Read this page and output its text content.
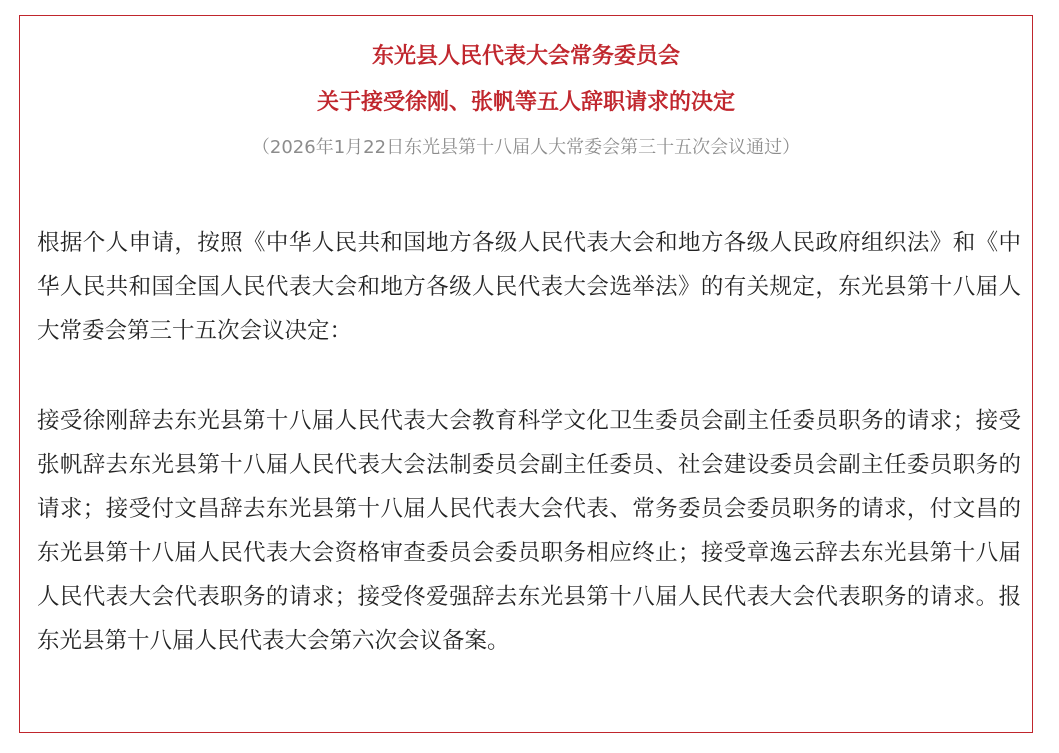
东光县人民代表大会常务委员会
关于接受徐刚、张帆等五人辞职请求的决定
（2026年1月22日东光县第十八届人大常委会第三十五次会议通过）

根据个人申请，按照《中华人民共和国地方各级人民代表大会和地方各级人民政府组织法》和《中华人民共和国全国人民代表大会和地方各级人民代表大会选举法》的有关规定，东光县第十八届人大常委会第三十五次会议决定：

接受徐刚辞去东光县第十八届人民代表大会教育科学文化卫生委员会副主任委员职务的请求；接受张帆辞去东光县第十八届人民代表大会法制委员会副主任委员、社会建设委员会副主任委员职务的请求；接受付文昌辞去东光县第十八届人民代表大会代表、常务委员会委员职务的请求，付文昌的东光县第十八届人民代表大会资格审查委员会委员职务相应终止；接受章逸云辞去东光县第十八届人民代表大会代表职务的请求；接受佟爱强辞去东光县第十八届人民代表大会代表职务的请求。报东光县第十八届人民代表大会第六次会议备案。
